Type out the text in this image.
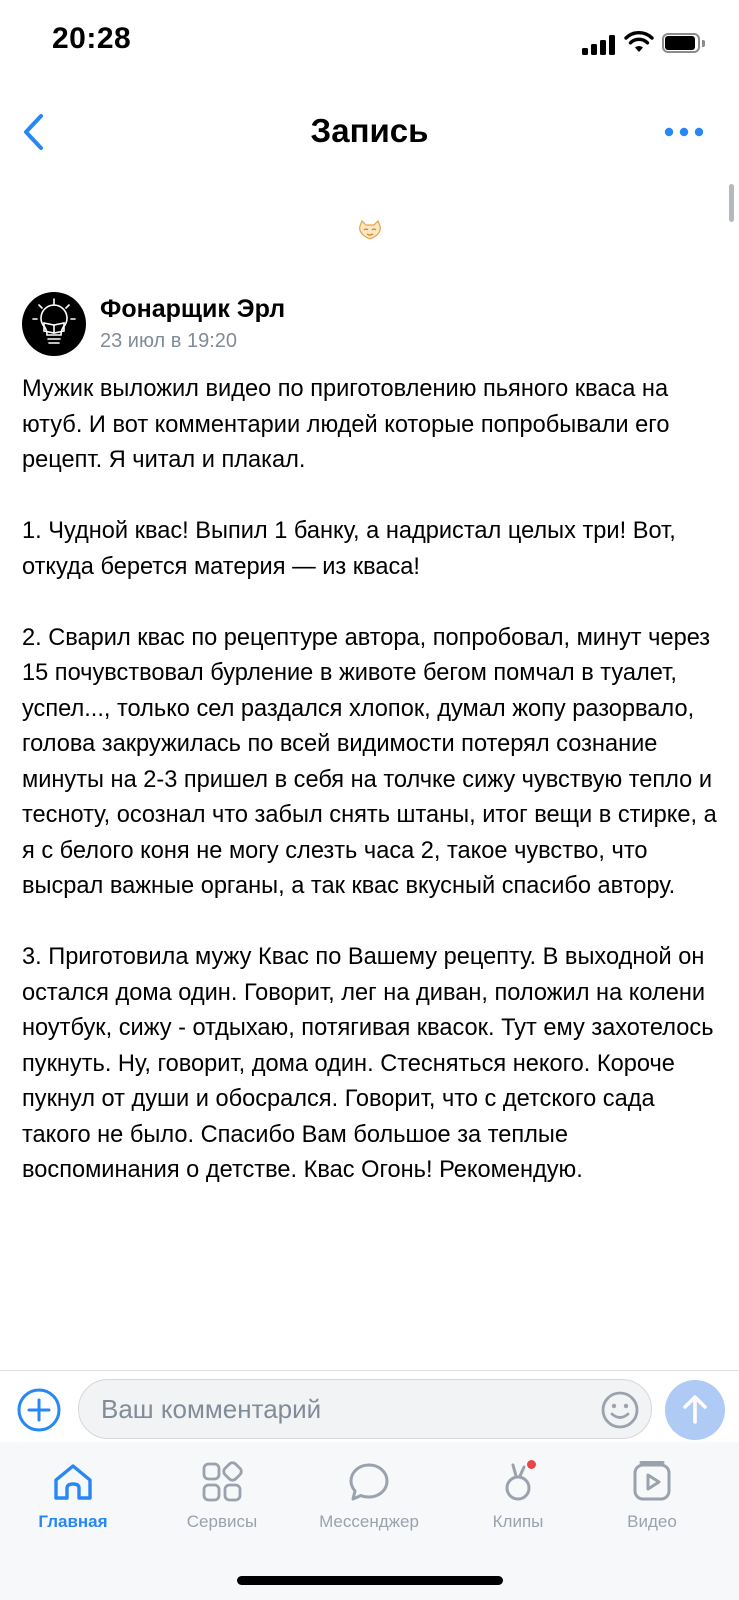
20:28
Запись
Фонарщик Эрл
23 июл в 19:20

Мужик выложил видео по приготовлению пьяного кваса на ютуб. И вот комментарии людей которые попробывали его рецепт. Я читал и плакал.

1. Чудной квас! Выпил 1 банку, а надристал целых три! Вот, откуда берется материя — из кваса!

2. Сварил квас по рецептуре автора, попробовал, минут через 15 почувствовал бурление в животе бегом помчал в туалет, успел..., только сел раздался хлопок, думал жопу разорвало, голова закружилась по всей видимости потерял сознание минуты на 2-3 пришел в себя на толчке сижу чувствую тепло и тесноту, осознал что забыл снять штаны, итог вещи в стирке, а я с белого коня не могу слезть часа 2, такое чувство, что высрал важные органы, а так квас вкусный спасибо автору.

3. Приготовила мужу Квас по Вашему рецепту. В выходной он остался дома один. Говорит, лег на диван, положил на колени ноутбук, сижу - отдыхаю, потягивая квасок. Тут ему захотелось пукнуть. Ну, говорит, дома один. Стесняться некого. Короче пукнул от души и обосрался. Говорит, что с детского сада такого не было. Спасибо Вам большое за теплые воспоминания о детстве. Квас Огонь! Рекомендую.

Ваш комментарий
Главная	Сервисы	Мессенджер	Клипы	Видео
